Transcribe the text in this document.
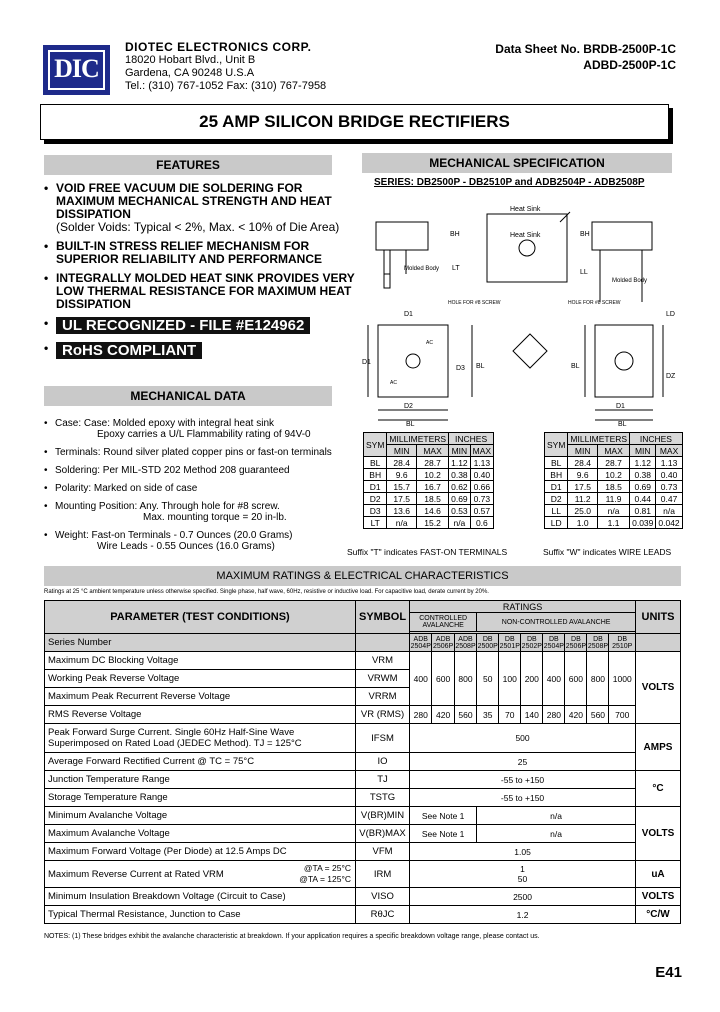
DIC
DIOTEC ELECTRONICS CORP.
18020 Hobart Blvd., Unit B
Gardena, CA 90248 U.S.A
Tel.: (310) 767-1052 Fax: (310) 767-7958
Data Sheet No. BRDB-2500P-1C
ADBD-2500P-1C
25 AMP SILICON BRIDGE RECTIFIERS
FEATURES
• VOID FREE VACUUM DIE SOLDERING FOR MAXIMUM MECHANICAL STRENGTH AND HEAT DISSIPATION
(Solder Voids: Typical < 2%, Max. < 10% of Die Area)
• BUILT-IN STRESS RELIEF MECHANISM FOR SUPERIOR RELIABILITY AND PERFORMANCE
• INTEGRALLY MOLDED HEAT SINK PROVIDES VERY LOW THERMAL RESISTANCE FOR MAXIMUM HEAT DISSIPATION
• UL RECOGNIZED - FILE #E124962
• RoHS COMPLIANT
MECHANICAL DATA
• Case: Case: Molded epoxy with integral heat sink
Epoxy carries a U/L Flammability rating of 94V-0
• Terminals: Round silver plated copper pins or fast-on terminals
• Soldering: Per MIL-STD 202 Method 208 guaranteed
• Polarity: Marked on side of case
• Mounting Position: Any. Through hole for #8 screw.
Max. mounting torque = 20 in-lb.
• Weight: Fast-on Terminals - 0.7 Ounces (20.0 Grams)
Wire Leads - 0.55 Ounces (16.0 Grams)
MECHANICAL SPECIFICATION
SERIES: DB2500P - DB2510P and ADB2504P - ADB2508P
Heat Sink
Heat Sink
Molded Body
Molded Body
BH
LT
BH
LL
LD
D1
HOLE FOR #8 SCREW	HOLE FOR #8 SCREW
D1
D3 BL
D2
BL
BL
DZ
D1
BL
AC
AC
SYM	MILLIMETERS		INCHES	
	MIN	MAX	MIN	MAX
BL	28.4	28.7	1.12	1.13
BH	9.6	10.2	0.38	0.40
D1	15.7	16.7	0.62	0.66
D2	17.5	18.5	0.69	0.73
D3	13.6	14.6	0.53	0.57
LT	n/a	15.2	n/a	0.6
Suffix "T" indicates FAST-ON TERMINALS
SYM	MILLIMETERS		INCHES	
	MIN	MAX	MIN	MAX
BL	28.4	28.7	1.12	1.13
BH	9.6	10.2	0.38	0.40
D1	17.5	18.5	0.69	0.73
D2	11.2	11.9	0.44	0.47
LL	25.0	n/a	0.81	n/a
LD	1.0	1.1	0.039	0.042
Suffix "W" indicates WIRE LEADS
MAXIMUM RATINGS & ELECTRICAL CHARACTERISTICS
Ratings at 25 °C ambient temperature unless otherwise specified. Single phase, half wave, 60Hz, resistive or inductive load. For capacitive load, derate current by 20%.
PARAMETER (TEST CONDITIONS)	SYMBOL	RATINGS										UNITS
		CONTROLLED AVALANCHE			NON-CONTROLLED AVALANCHE							

Series Number		ADB 2504P	ADB 2506P	ADB 2508P	DB 2500P	DB 2501P	DB 2502P	DB 2504P	DB 2506P	DB 2508P	DB 2510P	
Maximum DC Blocking Voltage	VRM	400	600	800	50	100	200	400	600	800	1000	VOLTS
Working Peak Reverse Voltage	VRWM											
Maximum Peak Recurrent Reverse Voltage	VRRM											
RMS Reverse Voltage	VR (RMS)	280	420	560	35	70	140	280	420	560	700	
Peak Forward Surge Current. Single 60Hz Half-Sine Wave
Superimposed on Rated Load (JEDEC Method). TJ = 125°C	IFSM	500										AMPS
Average Forward Rectified Current @ TC = 75°C	IO	25										
Junction Temperature Range	TJ	-55 to +150										°C
Storage Temperature Range	TSTG	-55 to +150										
Minimum Avalanche Voltage	V(BR)MIN	See Note 1			n/a							VOLTS
Maximum Avalanche Voltage	V(BR)MAX	See Note 1			n/a							
Maximum Forward Voltage (Per Diode) at 12.5 Amps DC	VFM	1.05										
Maximum Reverse Current at Rated VRM
@TA = 25°C
@TA = 125°C	IRM	1
50										uA
Minimum Insulation Breakdown Voltage (Circuit to Case)	VISO	2500										VOLTS
Typical Thermal Resistance, Junction to Case	RθJC	1.2										°C/W
NOTES: (1) These bridges exhibit the avalanche characteristic at breakdown. If your application requires a specific breakdown voltage range, please contact us.
E41
